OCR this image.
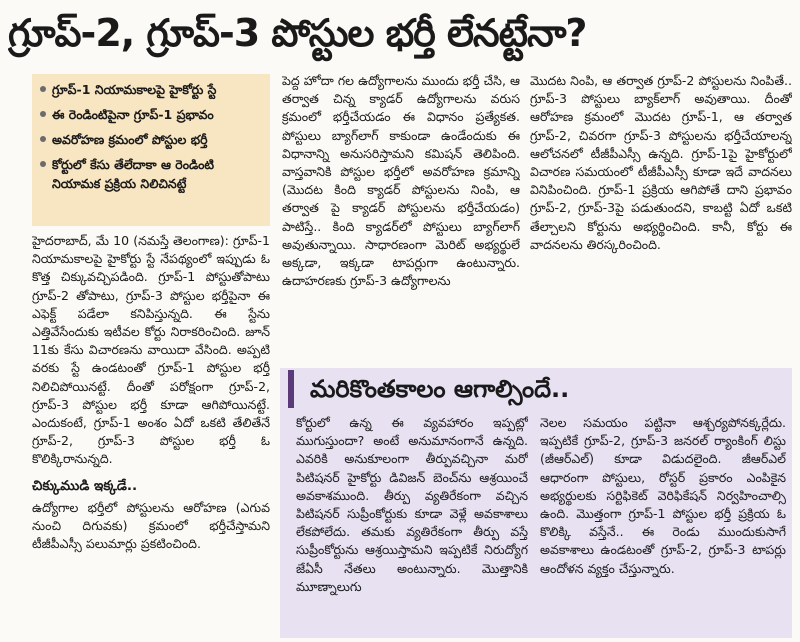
గ్రూప్-2, గ్రూప్-3 పోస్టుల భర్తీ లేనట్టేనా?
గ్రూప్-1 నియామకాలపై హైకోర్టు స్టే
ఈ రెండింటిపైనా గ్రూప్-1 ప్రభావం
అవరోహణ క్రమంలో పోస్టుల భర్తీ
కోర్టులో కేసు తేలేదాకా ఆ రెండింటి నియామక ప్రక్రియ నిలిచినట్టే

హైదరాబాద్, మే 10 (నమస్తే తెలంగాణ): గ్రూప్-1 నియామకాలపై హైకోర్టు స్టే నేపథ్యంలో ఇప్పుడు ఓ కొత్త చిక్కువచ్చిపడింది. గ్రూప్-1 పోస్టుతోపాటు గ్రూప్-2 తోపాటు, గ్రూప్-3 పోస్టుల భర్తీపైనా ఈ ఎఫెక్ట్ పడేలా కనిపిస్తున్నది. ఈ స్టేను ఎత్తివేసేందుకు ఇటీవల కోర్టు నిరాకరించింది. జూన్ 11కు కేసు విచారణను వాయిదా వేసింది. అప్పటి వరకు స్టే ఉండటంతో గ్రూప్-1 పోస్టుల భర్తీ నిలిచిపోయినట్టే. దీంతో పరోక్షంగా గ్రూప్-2, గ్రూప్-3 పోస్టుల భర్తీ కూడా ఆగిపోయినట్టే. ఎందుకంటే, గ్రూప్-1 అంశం ఏదో ఒకటి తేలితేనే గ్రూప్-2, గ్రూప్-3 పోస్టుల భర్తీ ఓ కొలిక్కిరానున్నది.

చిక్కుముడి ఇక్కడే..

ఉద్యోగాల భర్తీలో పోస్టులను ఆరోహణ (ఎగువ నుంచి దిగువకు) క్రమంలో భర్తీచేస్తామని టీజీపీఎస్సీ పలుమార్లు ప్రకటించింది.

పెద్ద హోదా గల ఉద్యోగాలను ముందు భర్తీ చేసి, ఆ తర్వాత చిన్న క్యాడర్ ఉద్యోగాలను వరుస క్రమంలో భర్తీచేయడం ఈ విధానం ప్రత్యేకత. పోస్టులు బ్యాగ్‌లాగ్ కాకుండా ఉండేందుకు ఈ విధానాన్ని అనుసరిస్తామని కమిషన్ తెలిపింది. వాస్తవానికి పోస్టుల భర్తీలో అవరోహణ క్రమాన్ని (మొదట కింది క్యాడర్ పోస్టులను నింపి, ఆ తర్వాత పై క్యాడర్ పోస్టులను భర్తీచేయడం) పాటిస్తే.. కింది క్యాడర్‌లో పోస్టులు బ్యాగ్‌లాగ్ అవుతున్నాయి. సాధారణంగా మెరిట్ అభ్యర్థులే అక్కడా, ఇక్కడా టాపర్లుగా ఉంటున్నారు. ఉదాహరణకు గ్రూప్-3 ఉద్యోగాలను

మొదట నింపి, ఆ తర్వాత గ్రూప్-2 పోస్టులను నింపితే.. గ్రూప్-3 పోస్టులు బ్యాక్‌లాగ్ అవుతాయి. దీంతో ఆరోహణ క్రమంలో మొదట గ్రూప్-1, ఆ తర్వాత గ్రూప్-2, చివరగా గ్రూప్-3 పోస్టులను భర్తీచేయాలన్న ఆలోచనలో టీజీపీఎస్సీ ఉన్నది. గ్రూప్-1పై హైకోర్టులో విచారణ సమయంలో టీజీపీఎస్సీ కూడా ఇదే వాదనలు వినిపించింది. గ్రూప్-1 ప్రక్రియ ఆగిపోతే దాని ప్రభావం గ్రూప్-2, గ్రూప్-3పై పడుతుందని, కాబట్టి ఏదో ఒకటి తేల్చాలని కోర్టును అభ్యర్థించింది. కానీ, కోర్టు ఈ వాదనలను తిరస్కరించింది.

మరికొంతకాలం ఆగాల్సిందే..

కోర్టులో ఉన్న ఈ వ్యవహారం ఇప్పట్లో ముగుస్తుందా? అంటే అనుమానంగానే ఉన్నది. ఎవరికి అనుకూలంగా తీర్పువచ్చినా మరో పిటిషనర్ హైకోర్టు డివిజన్ బెంచ్‌ను ఆశ్రయించే అవకాశముంది. తీర్పు వ్యతిరేకంగా వచ్చిన పిటిషనర్ సుప్రీంకోర్టుకు కూడా వెళ్లే అవకాశాలు లేకపోలేదు. తమకు వ్యతిరేకంగా తీర్పు వస్తే సుప్రీంకోర్టును ఆశ్రయిస్తామని ఇప్పటికే నిరుద్యోగ జేఏసీ నేతలు అంటున్నారు. మొత్తానికి మూణ్నాలుగు

నెలల సమయం పట్టినా ఆశ్చర్యపోనక్కర్లేదు. ఇప్పటికే గ్రూప్-2, గ్రూప్-3 జనరల్ ర్యాంకింగ్ లిస్టు (జీఆర్‌ఎల్) కూడా విడుదలైంది. జీఆర్‌ఎల్ ఆధారంగా పోస్టులు, రోస్టర్ ప్రకారం ఎంపికైన అభ్యర్థులకు సర్టిఫికెట్ వెరిఫికేషన్ నిర్వహించాల్సి ఉంది. మొత్తంగా గ్రూప్-1 పోస్టుల భర్తీ ప్రక్రియ ఓ కొలిక్కి వస్తేనే.. ఈ రెండు ముందుకుసాగే అవకాశాలు ఉండటంతో గ్రూప్-2, గ్రూప్-3 టాపర్లు ఆందోళన వ్యక్తం చేస్తున్నారు.
